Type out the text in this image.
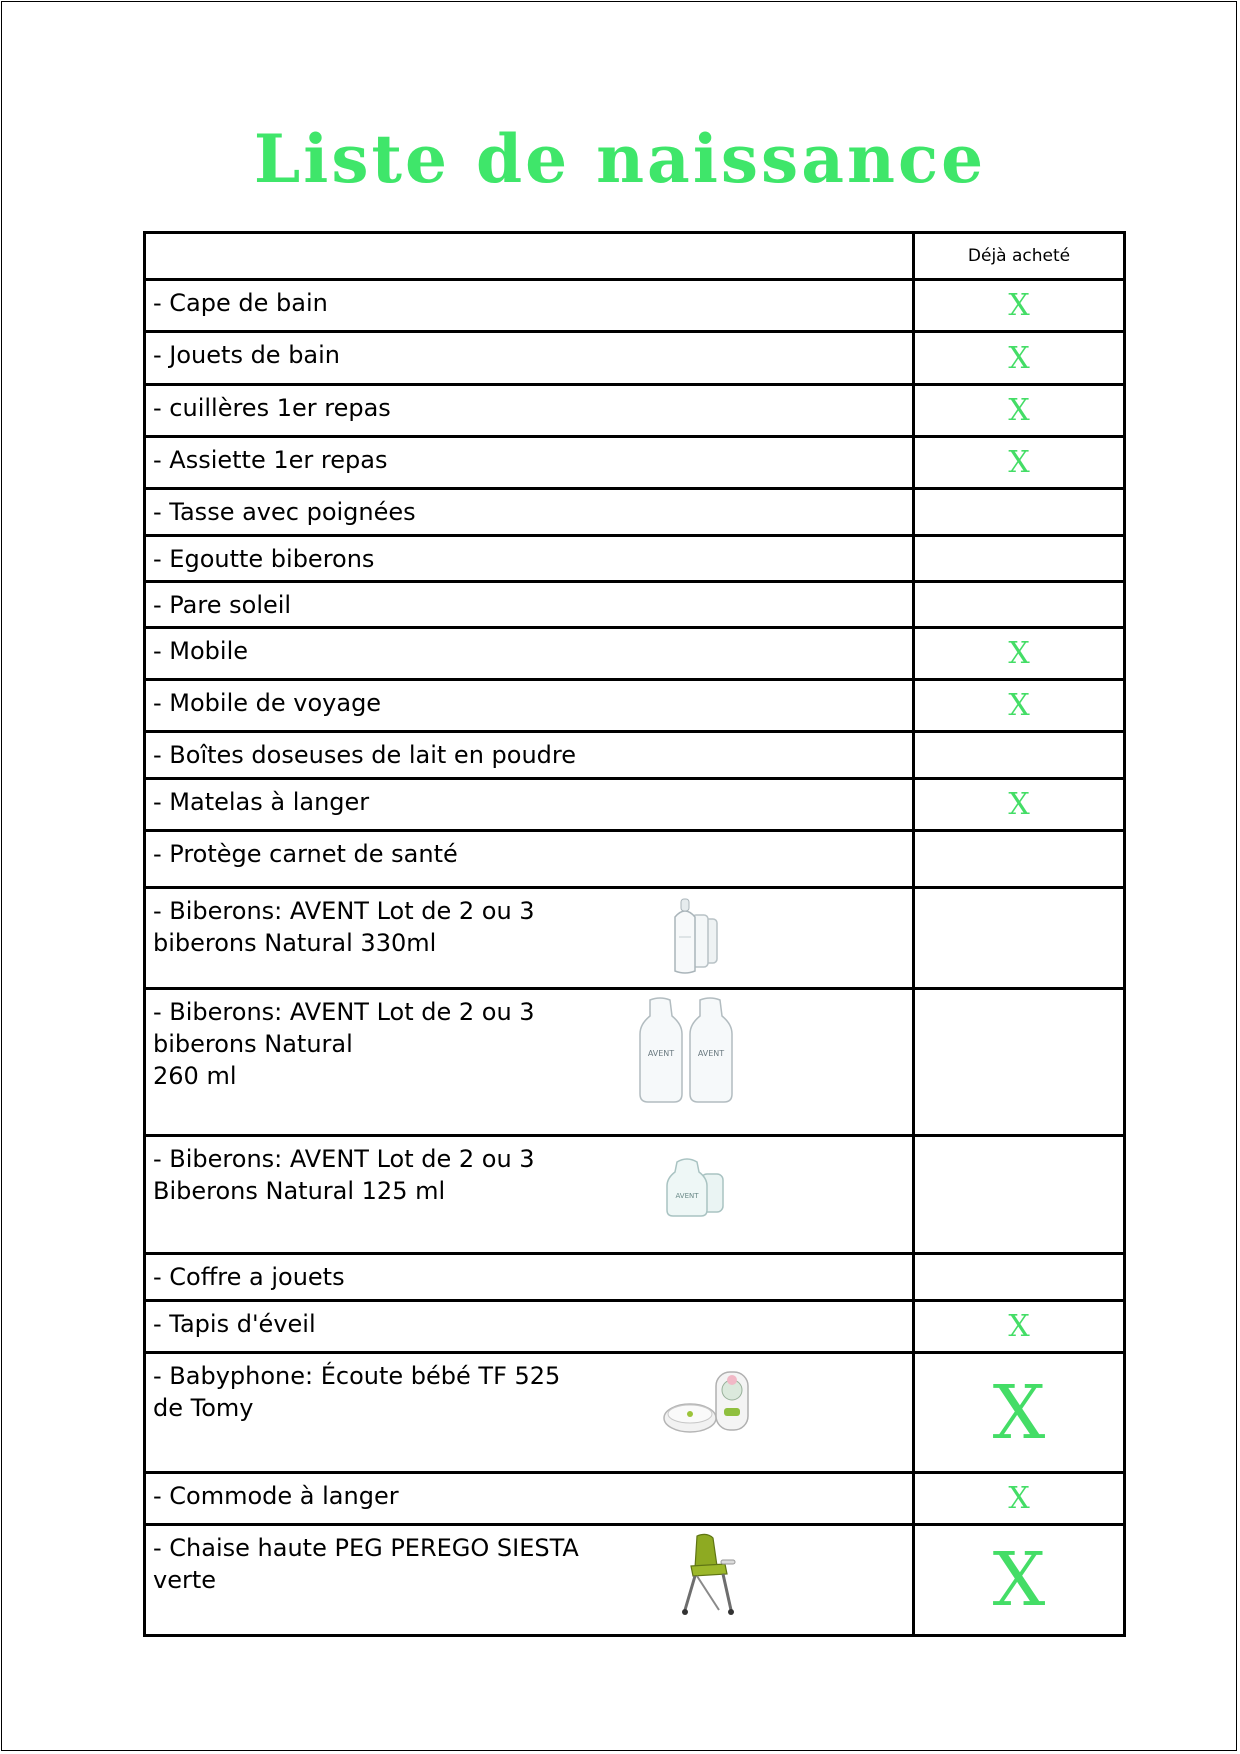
Liste de naissance
	Déjà acheté

- Cape de bain	X

- Jouets de bain	X

- cuillères 1er repas	X

- Assiette 1er repas	X

- Tasse avec poignées	

- Egoutte biberons	

- Pare soleil	

- Mobile	X

- Mobile de voyage	X

- Boîtes doseuses de lait en poudre	

- Matelas à langer	X

- Protège carnet de santé	

- Biberons: AVENT Lot de 2 ou 3 biberons Natural 330ml	

- Biberons: AVENT Lot de 2 ou 3 biberons Natural
260 ml
AVENT AVENT	

- Biberons: AVENT Lot de 2 ou 3 Biberons Natural 125 ml AVENT	

- Coffre a jouets	

- Tapis d'éveil	X

- Babyphone: Écoute bébé TF 525 de Tomy	X

- Commode à langer	X

- Chaise haute PEG PEREGO SIESTA verte	X
